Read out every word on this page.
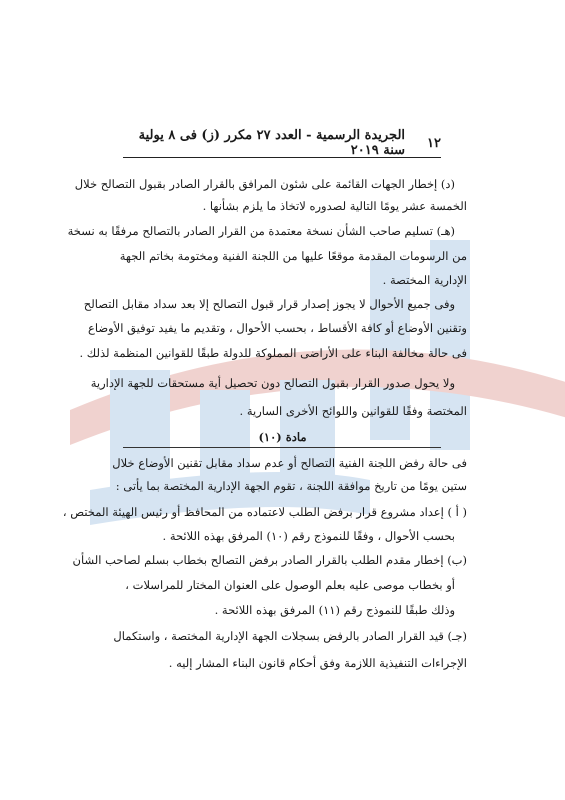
١٢
الجريدة الرسمية - العدد ٢٧ مكرر (ز) فى ٨ يولية سنة ٢٠١٩
(د) إخطار الجهات القائمة على شئون المرافق بالقرار الصادر بقبول التصالح خلال
الخمسة عشر يومًا التالية لصدوره لاتخاذ ما يلزم بشأنها .
(هـ) تسليم صاحب الشأن نسخة معتمدة من القرار الصادر بالتصالح مرفقًا به نسخة
من الرسومات المقدمة موقعًا عليها من اللجنة الفنية ومختومة بخاتم الجهة
الإدارية المختصة .
وفى جميع الأحوال لا يجوز إصدار قرار قبول التصالح إلا بعد سداد مقابل التصالح
وتقنين الأوضاع أو كافة الأقساط ، بحسب الأحوال ، وتقديم ما يفيد توفيق الأوضاع
فى حالة مخالفة البناء على الأراضى المملوكة للدولة طبقًا للقوانين المنظمة لذلك .
ولا يحول صدور القرار بقبول التصالح دون تحصيل أية مستحقات للجهة الإدارية
المختصة وفقًا للقوانين واللوائح الأخرى السارية .
مادة (١٠)
فى حالة رفض اللجنة الفنية التصالح أو عدم سداد مقابل تقنين الأوضاع خلال
ستين يومًا من تاريخ موافقة اللجنة ، تقوم الجهة الإدارية المختصة بما يأتى :
( أ ) إعداد مشروع قرار برفض الطلب لاعتماده من المحافظ أو رئيس الهيئة المختص ،
بحسب الأحوال ، وفقًا للنموذج رقم (١٠) المرفق بهذه اللائحة .
(ب) إخطار مقدم الطلب بالقرار الصادر برفض التصالح بخطاب بسلم لصاحب الشأن
أو بخطاب موصى عليه بعلم الوصول على العنوان المختار للمراسلات ،
وذلك طبقًا للنموذج رقم (١١) المرفق بهذه اللائحة .
(جـ) قيد القرار الصادر بالرفض بسجلات الجهة الإدارية المختصة ، واستكمال
الإجراءات التنفيذية اللازمة وفق أحكام قانون البناء المشار إليه .
